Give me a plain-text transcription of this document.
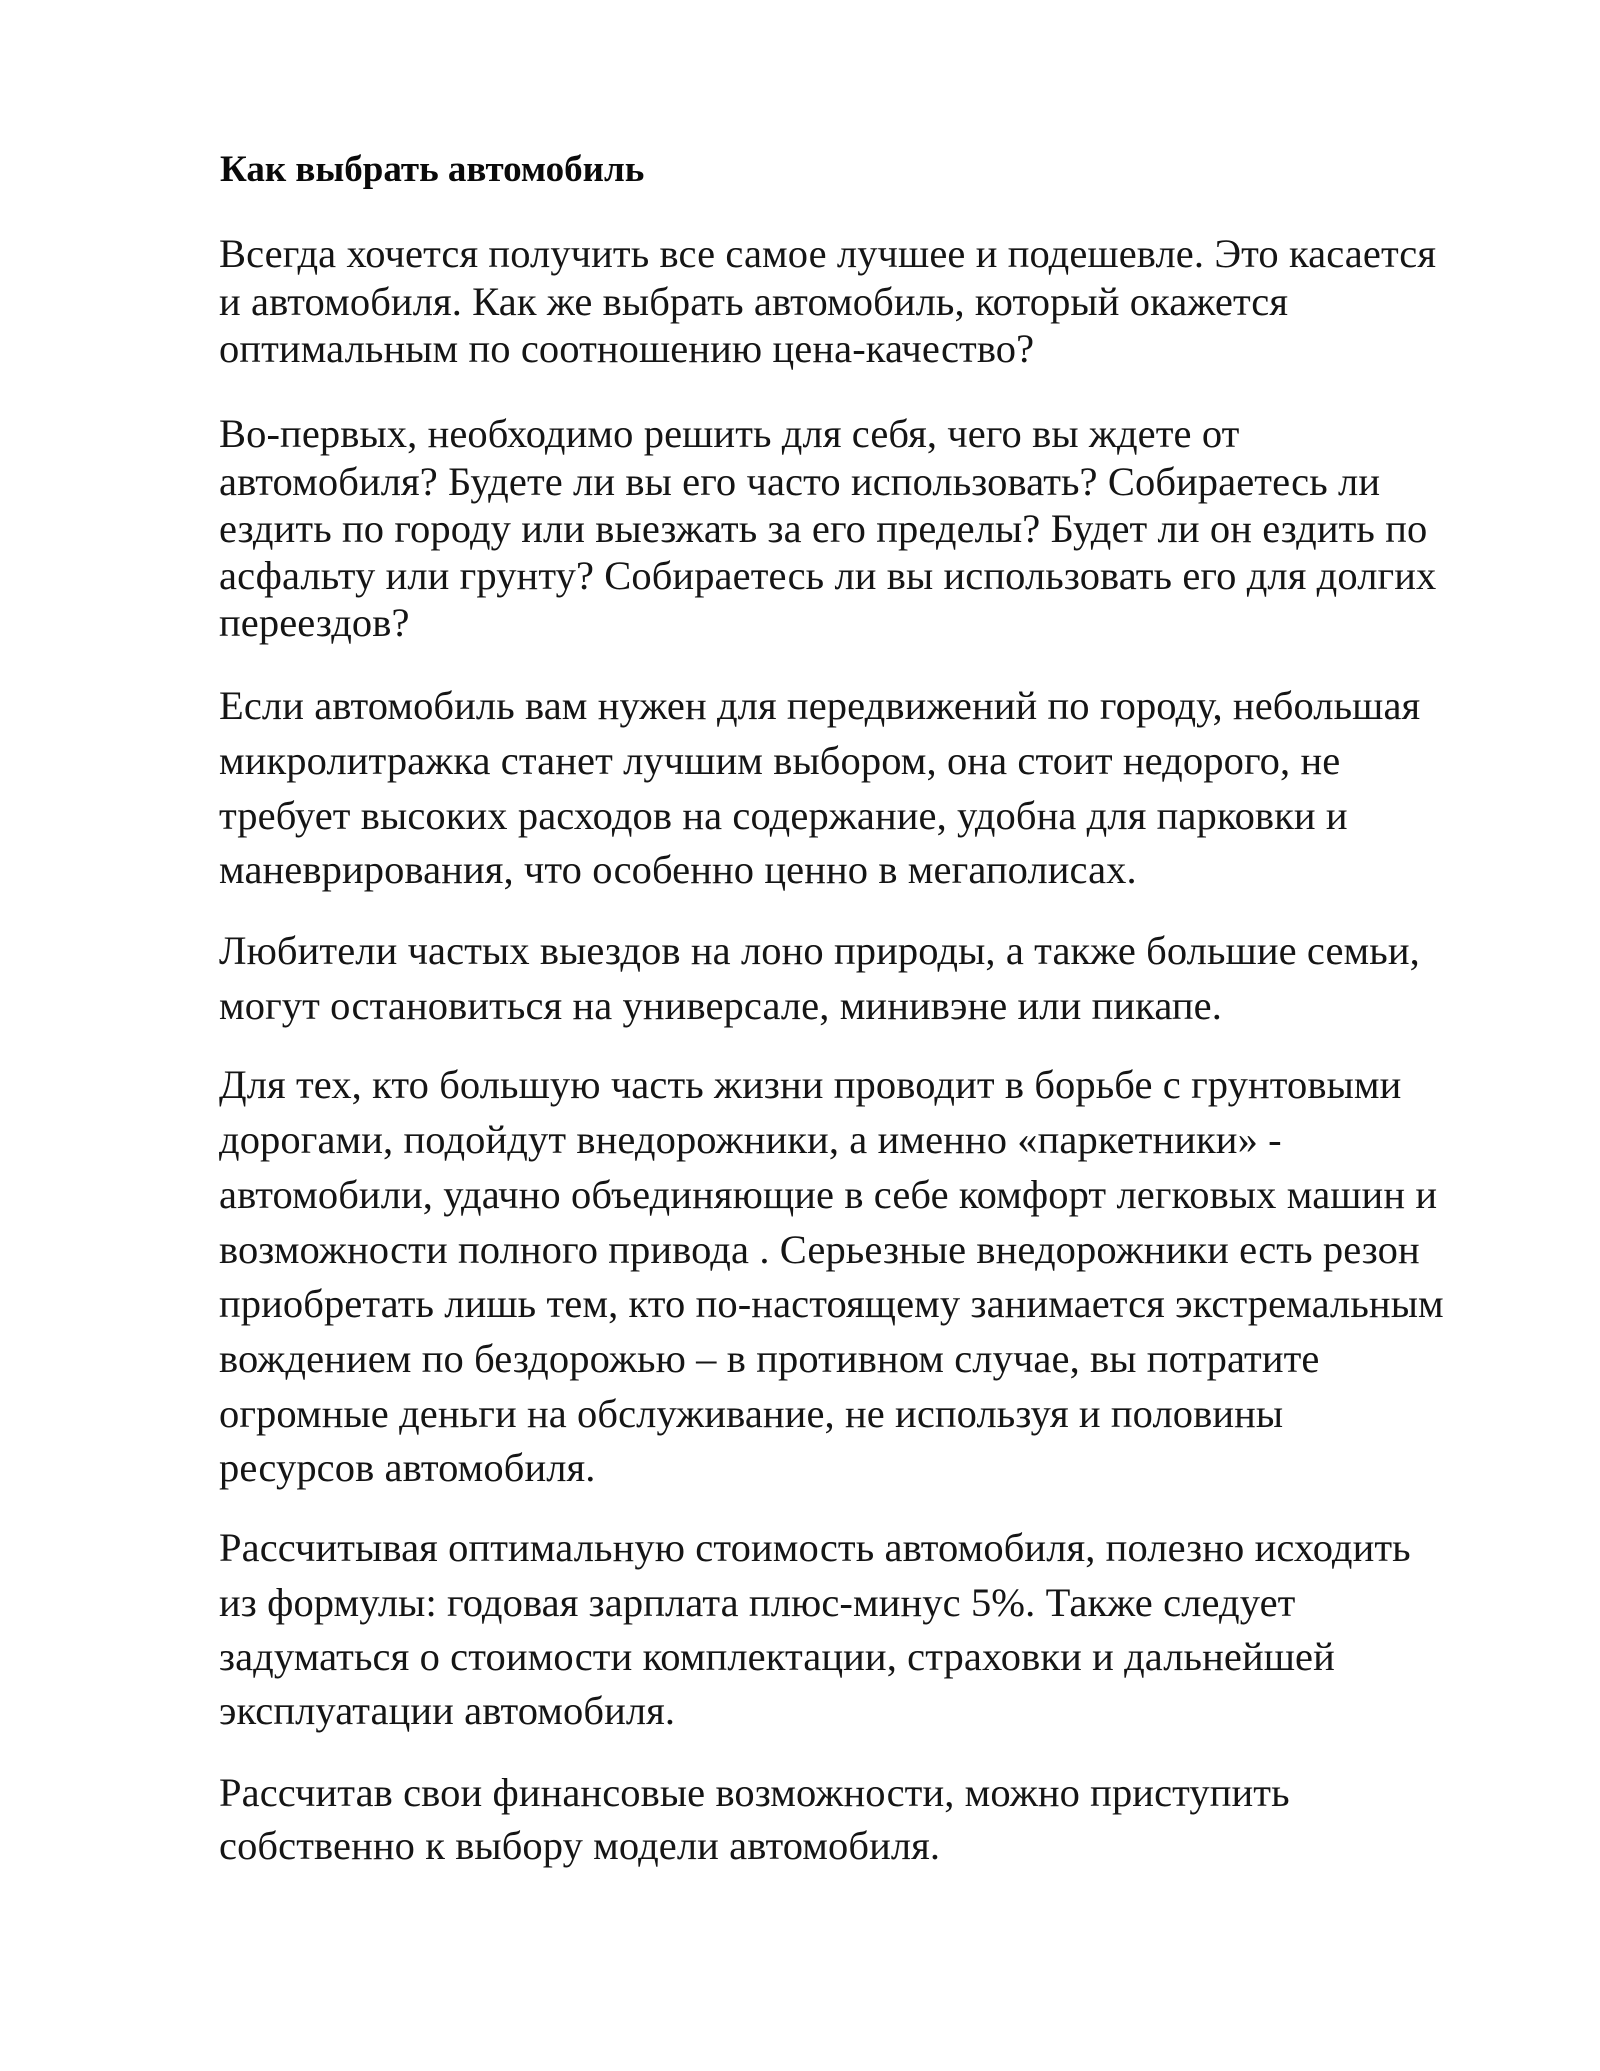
Как выбрать автомобиль
Всегда хочется получить все самое лучшее и подешевле. Это касается
и автомобиля. Как же выбрать автомобиль, который окажется
оптимальным по соотношению цена-качество?
Во-первых, необходимо решить для себя, чего вы ждете от
автомобиля? Будете ли вы его часто использовать? Собираетесь ли
ездить по городу или выезжать за его пределы? Будет ли он ездить по
асфальту или грунту? Собираетесь ли вы использовать его для долгих
переездов?
Если автомобиль вам нужен для передвижений по городу, небольшая
микролитражка станет лучшим выбором, она стоит недорого, не
требует высоких расходов на содержание, удобна для парковки и
маневрирования, что особенно ценно в мегаполисах.
Любители частых выездов на лоно природы, а также большие семьи,
могут остановиться на универсале, минивэне или пикапе.
Для тех, кто большую часть жизни проводит в борьбе с грунтовыми
дорогами, подойдут внедорожники, а именно «паркетники» -
автомобили, удачно объединяющие в себе комфорт легковых машин и
возможности полного привода . Серьезные внедорожники есть резон
приобретать лишь тем, кто по-настоящему занимается экстремальным
вождением по бездорожью – в противном случае, вы потратите
огромные деньги на обслуживание, не используя и половины
ресурсов автомобиля.
Рассчитывая оптимальную стоимость автомобиля, полезно исходить
из формулы: годовая зарплата плюс-минус 5%. Также следует
задуматься о стоимости комплектации, страховки и дальнейшей
эксплуатации автомобиля.
Рассчитав свои финансовые возможности, можно приступить
собственно к выбору модели автомобиля.
